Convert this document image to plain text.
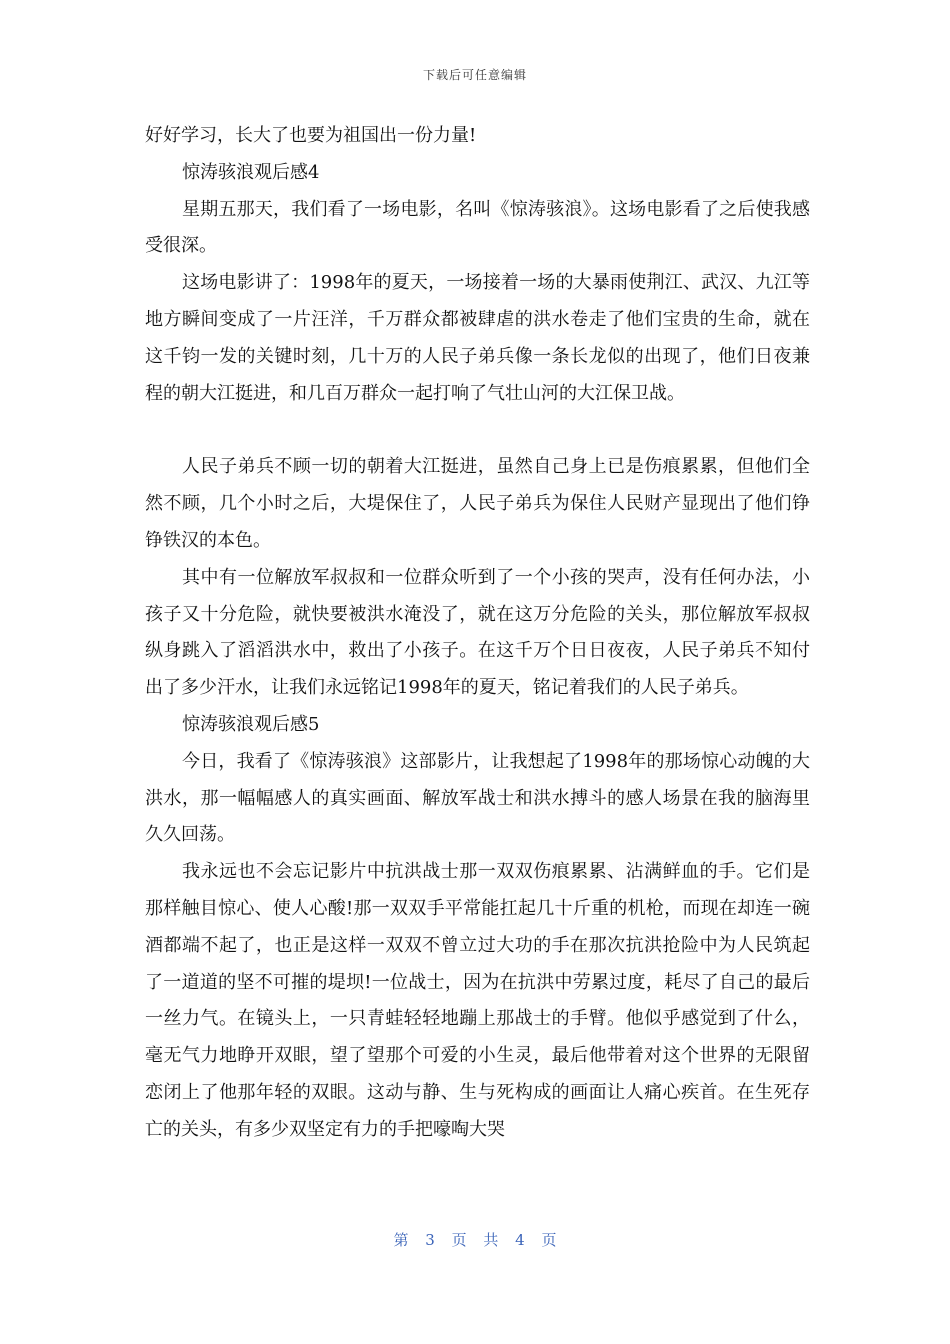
下载后可任意编辑

好好学习，长大了也要为祖国出一份力量!

惊涛骇浪观后感4

星期五那天，我们看了一场电影，名叫《惊涛骇浪》。这场电影看了之后使我感受很深。

这场电影讲了：1998年的夏天，一场接着一场的大暴雨使荆江、武汉、九江等地方瞬间变成了一片汪洋，千万群众都被肆虐的洪水卷走了他们宝贵的生命，就在这千钧一发的关键时刻，几十万的人民子弟兵像一条长龙似的出现了，他们日夜兼程的朝大江挺进，和几百万群众一起打响了气壮山河的大江保卫战。

人民子弟兵不顾一切的朝着大江挺进，虽然自己身上已是伤痕累累，但他们全然不顾，几个小时之后，大堤保住了，人民子弟兵为保住人民财产显现出了他们铮铮铁汉的本色。

其中有一位解放军叔叔和一位群众听到了一个小孩的哭声，没有任何办法，小孩子又十分危险，就快要被洪水淹没了，就在这万分危险的关头，那位解放军叔叔纵身跳入了滔滔洪水中，救出了小孩子。在这千万个日日夜夜，人民子弟兵不知付出了多少汗水，让我们永远铭记1998年的夏天，铭记着我们的人民子弟兵。

惊涛骇浪观后感5

今日，我看了《惊涛骇浪》这部影片，让我想起了1998年的那场惊心动魄的大洪水，那一幅幅感人的真实画面、解放军战士和洪水搏斗的感人场景在我的脑海里久久回荡。

我永远也不会忘记影片中抗洪战士那一双双伤痕累累、沾满鲜血的手。它们是那样触目惊心、使人心酸!那一双双手平常能扛起几十斤重的机枪，而现在却连一碗酒都端不起了，也正是这样一双双不曾立过大功的手在那次抗洪抢险中为人民筑起了一道道的坚不可摧的堤坝!一位战士，因为在抗洪中劳累过度，耗尽了自己的最后一丝力气。在镜头上，一只青蛙轻轻地蹦上那战士的手臂。他似乎感觉到了什么，毫无气力地睁开双眼，望了望那个可爱的小生灵，最后他带着对这个世界的无限留恋闭上了他那年轻的双眼。这动与静、生与死构成的画面让人痛心疾首。在生死存亡的关头，有多少双坚定有力的手把嚎啕大哭

第 3 页 共 4 页
